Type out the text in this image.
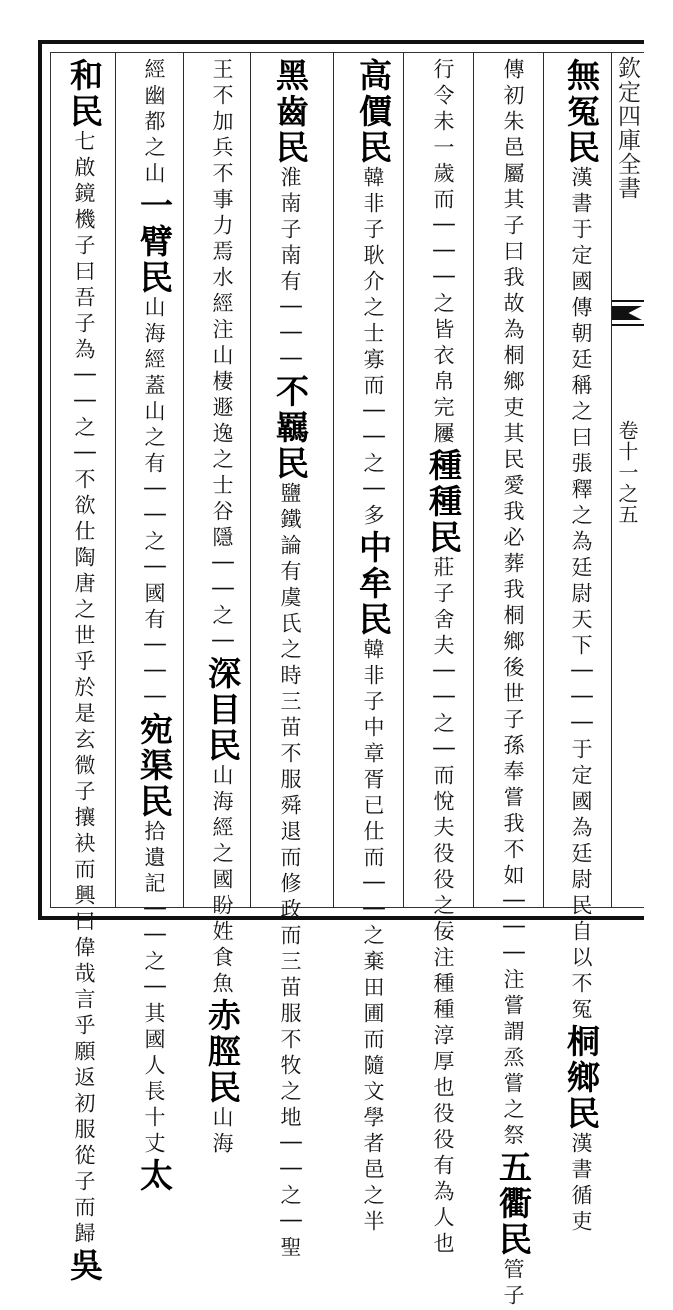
欽定四庫全書
卷十一之五
無冤民漢書于定國傳朝廷稱之曰張釋之為廷尉天下｜｜｜于定國為廷尉民自以不冤桐鄉民漢書循吏
傳初朱邑屬其子曰我故為桐鄉吏其民愛我必葬我桐鄉後世子孫奉嘗我不如｜｜｜注嘗謂烝嘗之祭五衢民管子
行令未一歲而｜｜｜之皆衣帛完屨種種民莊子舍夫｜｜之｜而悅夫役役之佞注種種淳厚也役役有為人也
高價民韓非子耿介之士寡而｜｜之｜多中牟民韓非子中章胥已仕而｜｜之棄田圃而隨文學者邑之半
黑齒民淮南子南有｜｜｜不羈民鹽鐵論有虞氏之時三苗不服舜退而修政而三苗服不牧之地｜｜之｜聖
王不加兵不事力焉水經注山棲遯逸之士谷隱｜｜之｜深目民山海經之國盼姓食魚赤脛民山海
經幽都之山一臂民山海經蓋山之有｜｜之｜國有｜｜｜宛渠民拾遺記｜｜之｜其國人長十丈太
和民七啟鏡機子曰吾子為｜｜之｜不欲仕陶唐之世乎於是玄微子攘袂而興曰偉哉言乎願返初服從子而歸吳
